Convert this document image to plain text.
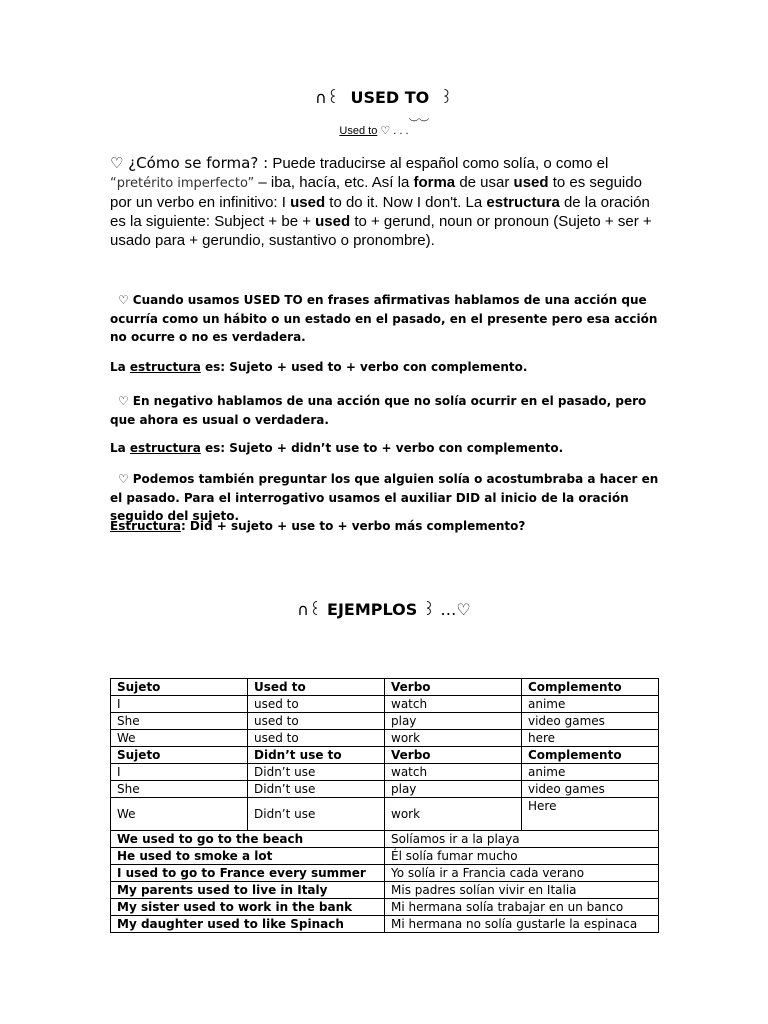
∩꒰ USED TO ꒱
Used to ♡ . . .︶︶
♡ ¿Cómo se forma? : Puede traducirse al español como solía, o como el “pretérito imperfecto” – iba, hacía, etc. Así la forma de usar used to es seguido por un verbo en infinitivo: I used to do it. Now I don't. La estructura de la oración es la siguiente: Subject + be + used to + gerund, noun or pronoun (Sujeto + ser + usado para + gerundio, sustantivo o pronombre).
♡ Cuando usamos USED TO en frases afirmativas hablamos de una acción que ocurría como un hábito o un estado en el pasado, en el presente pero esa acción no ocurre o no es verdadera.
La estructura es: Sujeto + used to + verbo con complemento.
♡ En negativo hablamos de una acción que no solía ocurrir en el pasado, pero que ahora es usual o verdadera.
La estructura es: Sujeto + didn’t use to + verbo con complemento.
♡ Podemos también preguntar los que alguien solía o acostumbraba a hacer en el pasado. Para el interrogativo usamos el auxiliar DID al inicio de la oración seguido del sujeto.
Estructura: Did + sujeto + use to + verbo más complemento?
∩꒰ EJEMPLOS ꒱ …♡
Sujeto	Used to	Verbo	Complemento
I	used to	watch	anime
She	used to	play	video games
We	used to	work	here
Sujeto	Didn’t use to	Verbo	Complemento
I	Didn’t use	watch	anime
She	Didn’t use	play	video games
We	Didn’t use	work	Here
We used to go to the beach		Solíamos ir a la playa	
He used to smoke a lot		Él solía fumar mucho	
I used to go to France every summer		Yo solía ir a Francia cada verano	
My parents used to live in Italy		Mis padres solían vivir en Italia	
My sister used to work in the bank		Mi hermana solía trabajar en un banco	
My daughter used to like Spinach		Mi hermana no solía gustarle la espinaca	
